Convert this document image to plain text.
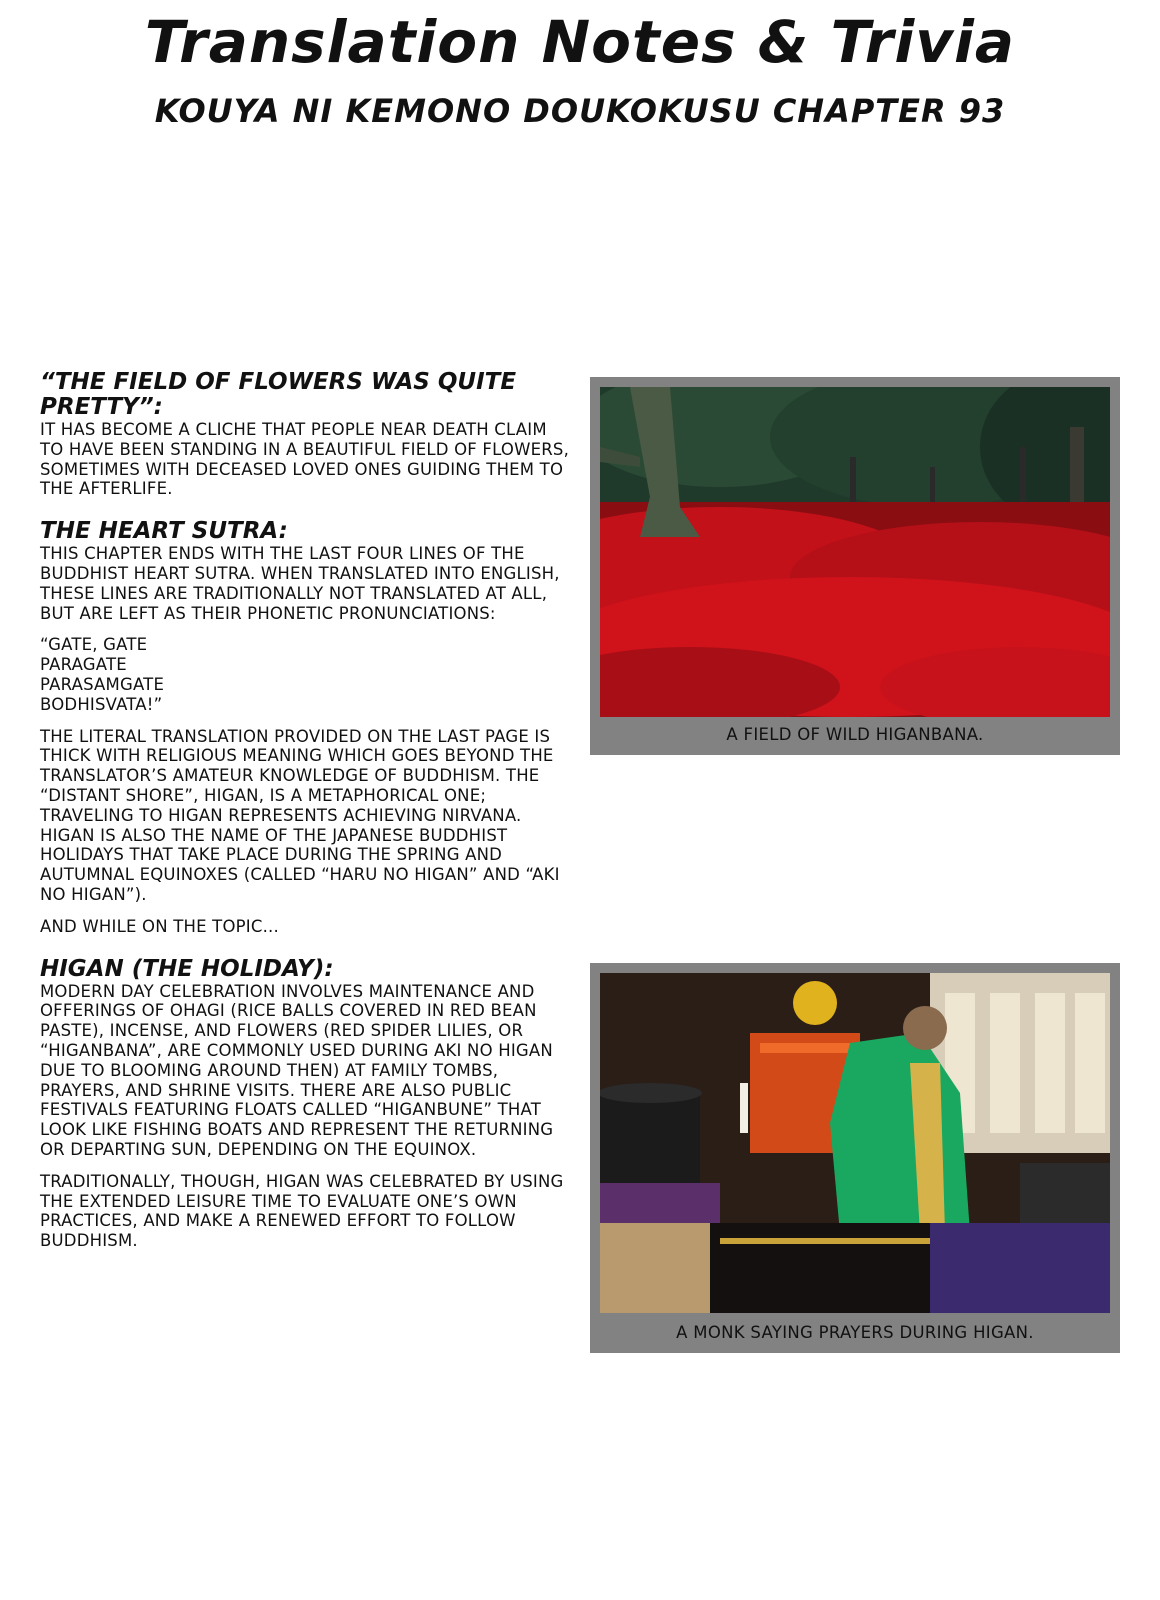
Translation Notes & Trivia
KOUYA NI KEMONO DOUKOKUSU CHAPTER 93
“THE FIELD OF FLOWERS WAS QUITE PRETTY”:

IT HAS BECOME A CLICHE THAT PEOPLE NEAR DEATH CLAIM TO HAVE BEEN STANDING IN A BEAUTIFUL FIELD OF FLOWERS, SOMETIMES WITH DECEASED LOVED ONES GUIDING THEM TO THE AFTERLIFE.

THE HEART SUTRA:

THIS CHAPTER ENDS WITH THE LAST FOUR LINES OF THE BUDDHIST HEART SUTRA. WHEN TRANSLATED INTO ENGLISH, THESE LINES ARE TRADITIONALLY NOT TRANSLATED AT ALL, BUT ARE LEFT AS THEIR PHONETIC PRONUNCIATIONS:

“GATE, GATE

PARAGATE

PARASAMGATE

BODHISVATA!”

THE LITERAL TRANSLATION PROVIDED ON THE LAST PAGE IS THICK WITH RELIGIOUS MEANING WHICH GOES BEYOND THE TRANSLATOR’S AMATEUR KNOWLEDGE OF BUDDHISM. THE “DISTANT SHORE”, HIGAN, IS A METAPHORICAL ONE; TRAVELING TO HIGAN REPRESENTS ACHIEVING NIRVANA. HIGAN IS ALSO THE NAME OF THE JAPANESE BUDDHIST HOLIDAYS THAT TAKE PLACE DURING THE SPRING AND AUTUMNAL EQUINOXES (CALLED “HARU NO HIGAN” AND “AKI NO HIGAN”).

AND WHILE ON THE TOPIC...

HIGAN (THE HOLIDAY):

MODERN DAY CELEBRATION INVOLVES MAINTENANCE AND OFFERINGS OF OHAGI (RICE BALLS COVERED IN RED BEAN PASTE), INCENSE, AND FLOWERS (RED SPIDER LILIES, OR “HIGANBANA”, ARE COMMONLY USED DURING AKI NO HIGAN DUE TO BLOOMING AROUND THEN) AT FAMILY TOMBS, PRAYERS, AND SHRINE VISITS. THERE ARE ALSO PUBLIC FESTIVALS FEATURING FLOATS CALLED “HIGANBUNE” THAT LOOK LIKE FISHING BOATS AND REPRESENT THE RETURNING OR DEPARTING SUN, DEPENDING ON THE EQUINOX.

TRADITIONALLY, THOUGH, HIGAN WAS CELEBRATED BY USING THE EXTENDED LEISURE TIME TO EVALUATE ONE’S OWN PRACTICES, AND MAKE A RENEWED EFFORT TO FOLLOW BUDDHISM.

A FIELD OF WILD HIGANBANA.
A MONK SAYING PRAYERS DURING HIGAN.
